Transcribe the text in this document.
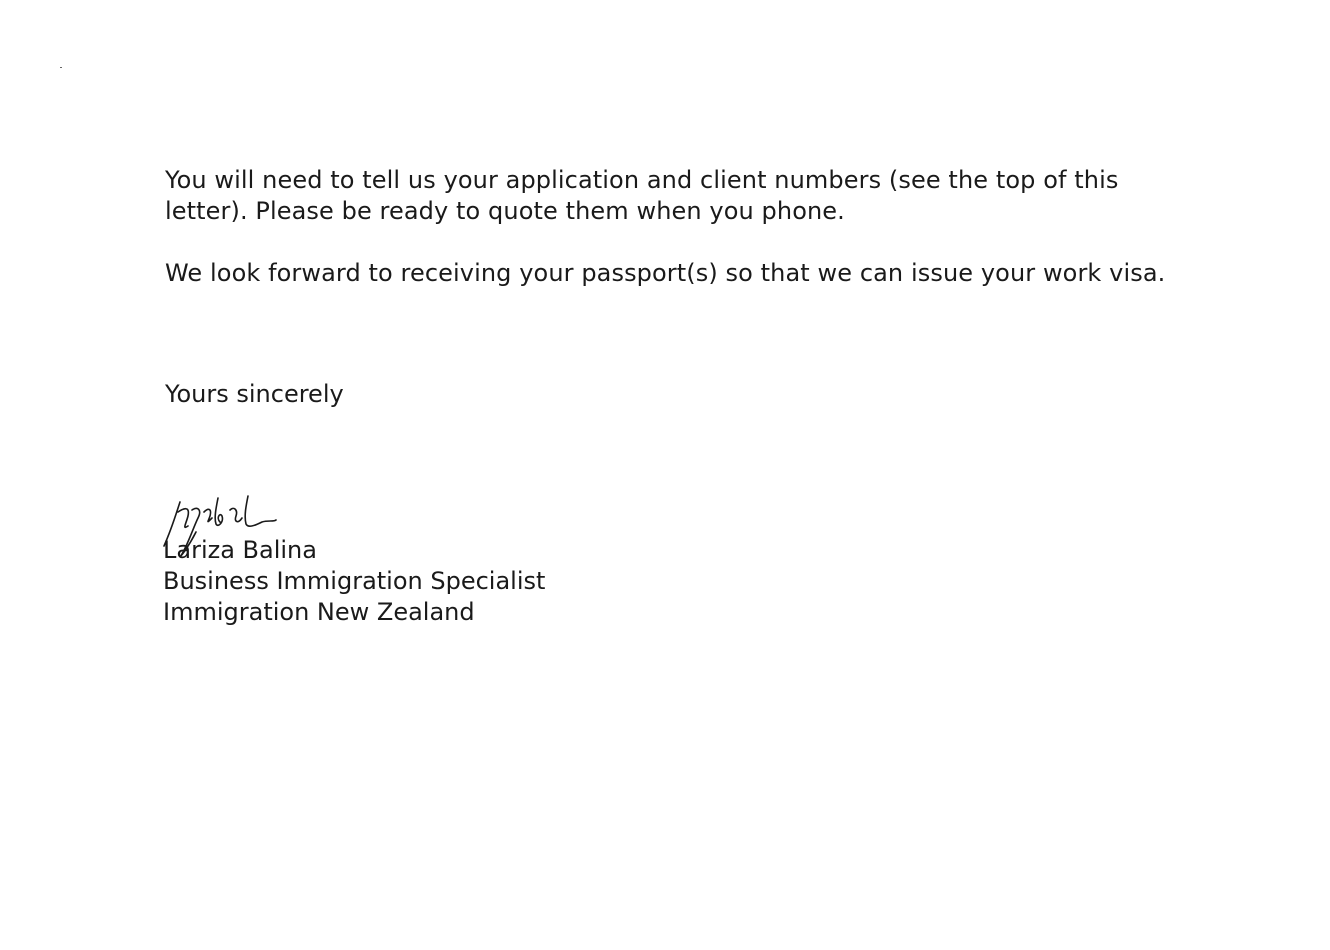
You will need to tell us your application and client numbers (see the top of this letter). Please be ready to quote them when you phone.

We look forward to receiving your passport(s) so that we can issue your work visa.

Yours sincerely

Lariza Balina
Business Immigration Specialist
Immigration New Zealand
